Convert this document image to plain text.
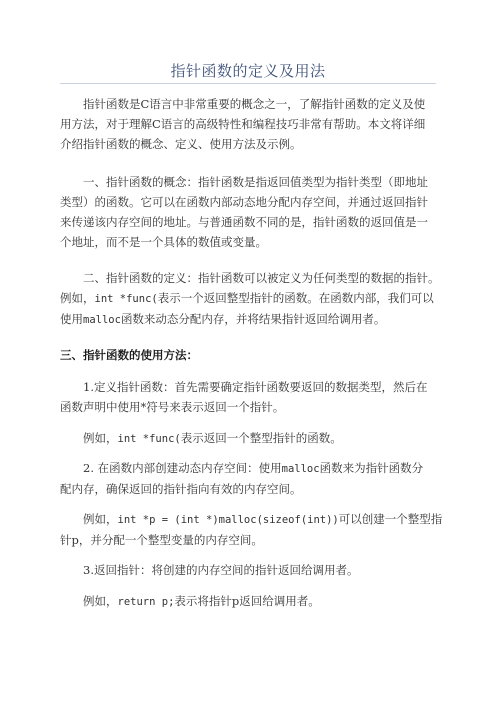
指针函数的定义及用法
指针函数是C语言中非常重要的概念之一，了解指针函数的定义及使
用方法，对于理解C语言的高级特性和编程技巧非常有帮助。本文将详细
介绍指针函数的概念、定义、使用方法及示例。
一、指针函数的概念：指针函数是指返回值类型为指针类型（即地址
类型）的函数。它可以在函数内部动态地分配内存空间，并通过返回指针
来传递该内存空间的地址。与普通函数不同的是，指针函数的返回值是一
个地址，而不是一个具体的数值或变量。
二、指针函数的定义：指针函数可以被定义为任何类型的数据的指针。
例如，int *func(表示一个返回整型指针的函数。在函数内部，我们可以
使用malloc函数来动态分配内存，并将结果指针返回给调用者。
三、指针函数的使用方法：
1.定义指针函数：首先需要确定指针函数要返回的数据类型，然后在
函数声明中使用*符号来表示返回一个指针。
例如，int *func(表示返回一个整型指针的函数。
2. 在函数内部创建动态内存空间：使用malloc函数来为指针函数分
配内存，确保返回的指针指向有效的内存空间。
例如，int *p = (int *)malloc(sizeof(int))可以创建一个整型指
针p，并分配一个整型变量的内存空间。
3.返回指针：将创建的内存空间的指针返回给调用者。
例如，return p;表示将指针p返回给调用者。
